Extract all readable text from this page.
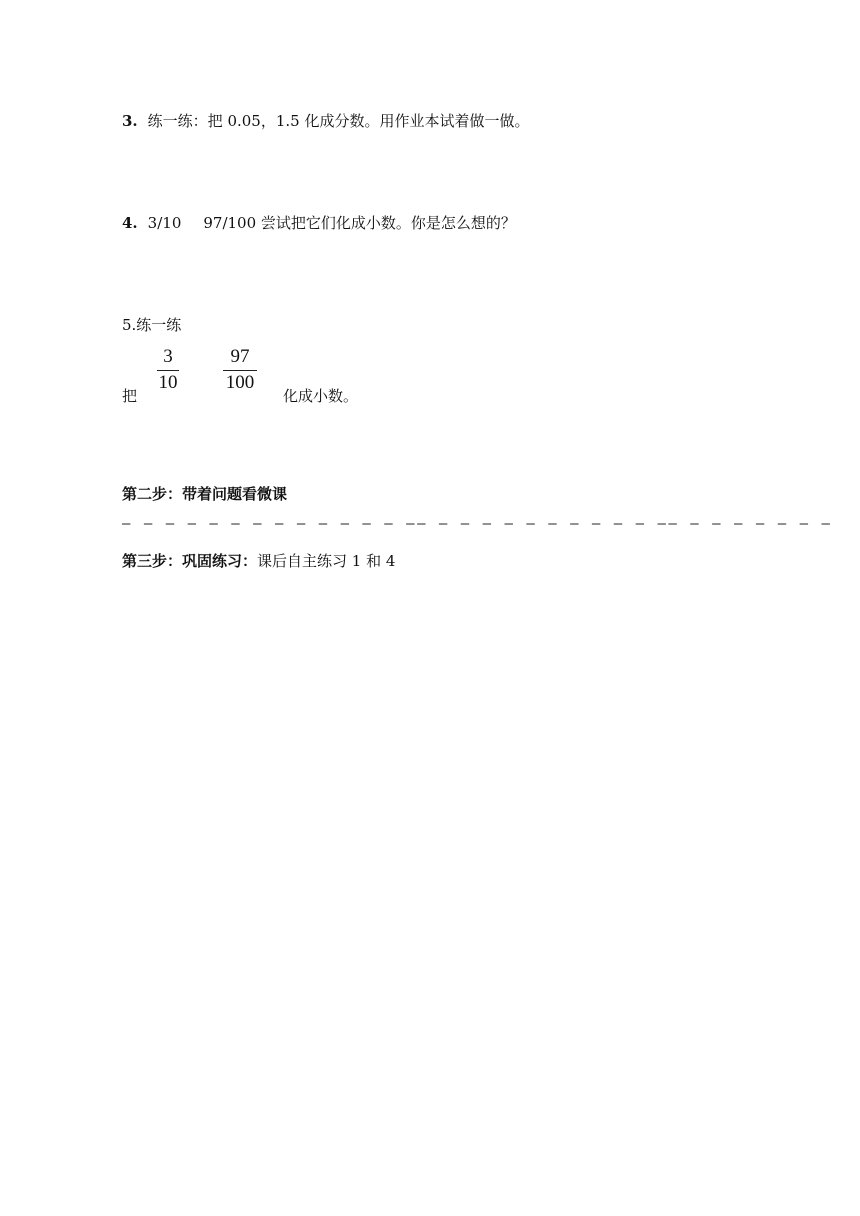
3. 练一练：把 0.05，1.5 化成分数。用作业本试着做一做。
4. 3/10 97/100 尝试把它们化成小数。你是怎么想的？
5.练一练
把
3
10
97
100
化成小数。
第二步：带着问题看微课
– – – – – – – – – – – – – –– – – – – – – – – – – –– – – – – – – –
第三步：巩固练习：课后自主练习 1 和 4
